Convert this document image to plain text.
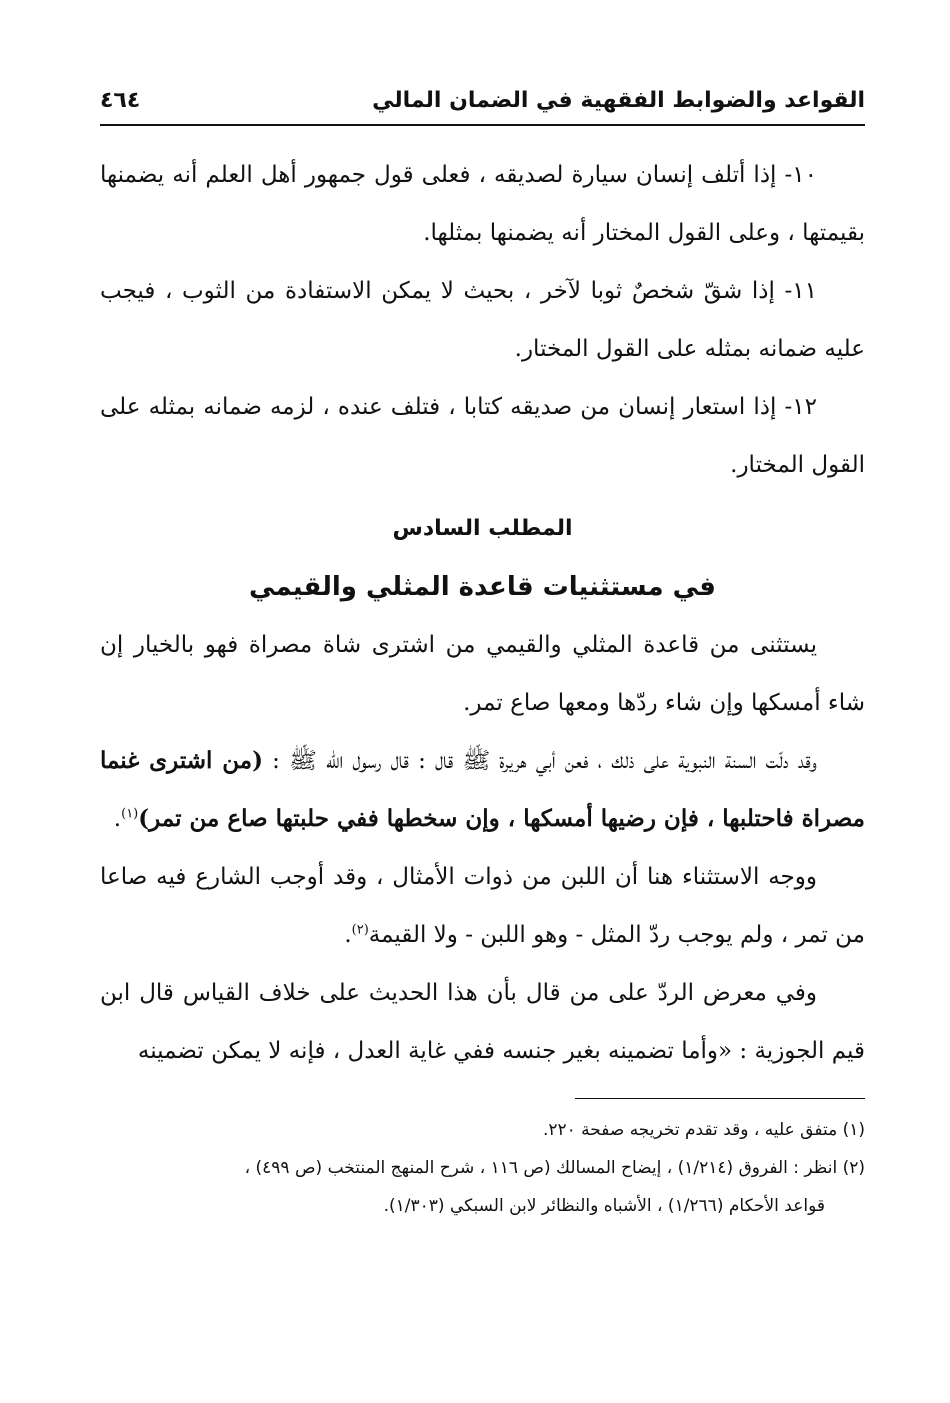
القواعد والضوابط الفقهية في الضمان المالي
٤٦٤

١٠- إذا أتلف إنسان سيارة لصديقه ، فعلى قول جمهور أهل العلم أنه يضمنها بقيمتها ، وعلى القول المختار أنه يضمنها بمثلها.

١١- إذا شقّ شخصٌ ثوبا لآخر ، بحيث لا يمكن الاستفادة من الثوب ، فيجب عليه ضمانه بمثله على القول المختار.

١٢- إذا استعار إنسان من صديقه كتابا ، فتلف عنده ، لزمه ضمانه بمثله على القول المختار.

المطلب السادس
في مستثنيات قاعدة المثلي والقيمي

يستثنى من قاعدة المثلي والقيمي من اشترى شاة مصراة فهو بالخيار إن شاء أمسكها وإن شاء ردّها ومعها صاع تمر.

وقد دلّت السنة النبوية على ذلك ، فعن أبي هريرة ﷺ قال : قال رسول الله ﷺ : (من اشترى غنما مصراة فاحتلبها ، فإن رضيها أمسكها ، وإن سخطها ففي حلبتها صاع من تمر)$^{(١)}$.

ووجه الاستثناء هنا أن اللبن من ذوات الأمثال ، وقد أوجب الشارع فيه صاعا من تمر ، ولم يوجب ردّ المثل - وهو اللبن - ولا القيمة$^{(٢)}$.

وفي معرض الردّ على من قال بأن هذا الحديث على خلاف القياس قال ابن قيم الجوزية : «وأما تضمينه بغير جنسه ففي غاية العدل ، فإنه لا يمكن تضمينه

(١) متفق عليه ، وقد تقدم تخريجه صفحة ٢٢٠.

(٢) انظر : الفروق (١/٢١٤) ، إيضاح المسالك (ص ١١٦ ، شرح المنهج المنتخب (ص ٤٩٩) ،
قواعد الأحكام (١/٢٦٦) ، الأشباه والنظائر لابن السبكي (١/٣٠٣).
